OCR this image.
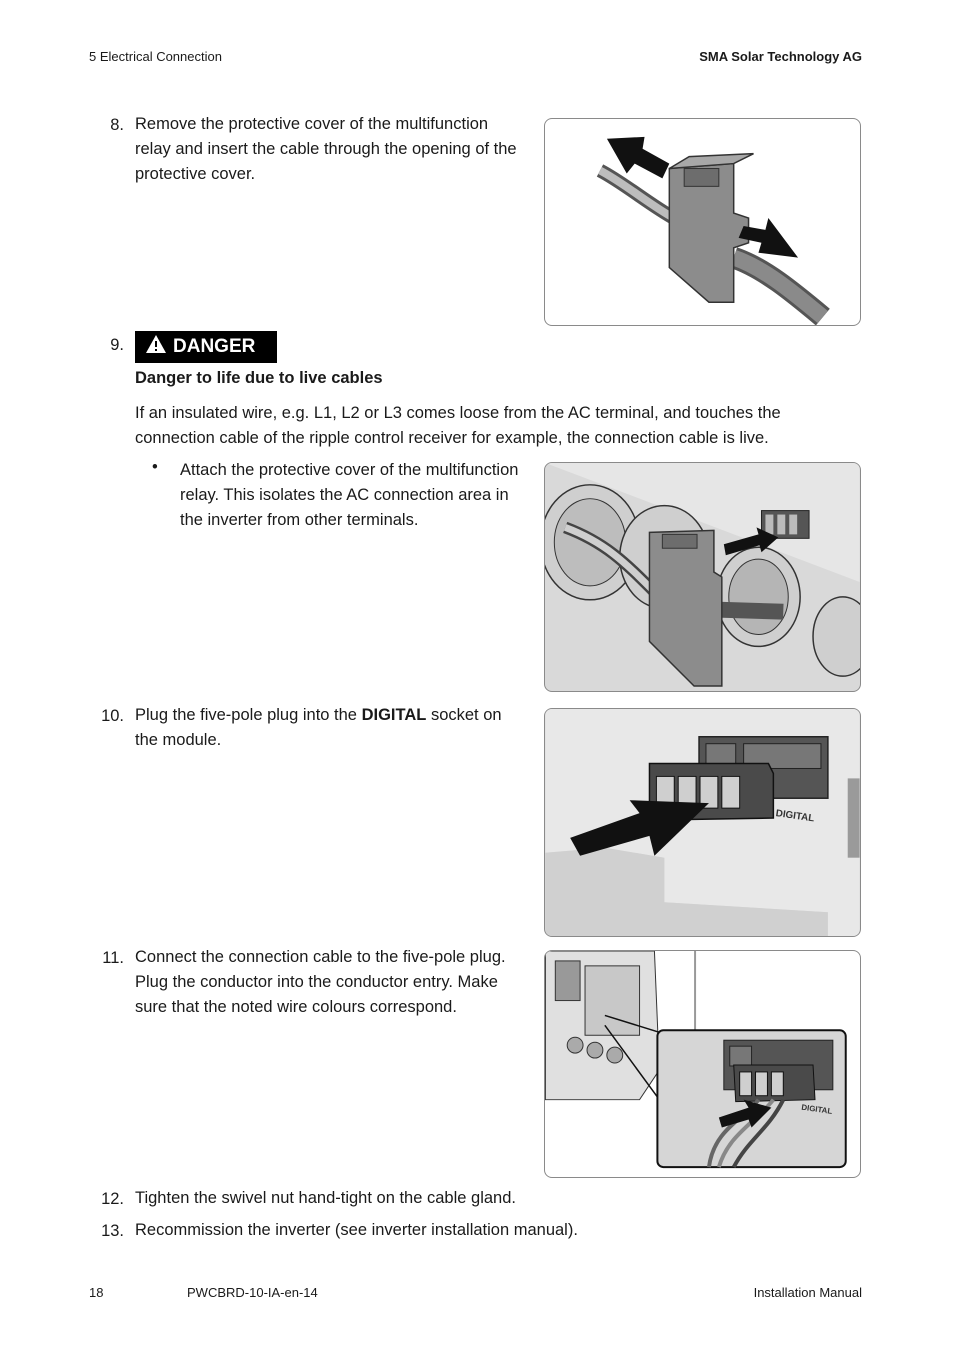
5 Electrical Connection	SMA Solar Technology AG
8. Remove the protective cover of the multifunction relay and insert the cable through the opening of the protective cover.
9.	DANGER
Danger to life due to live cables
If an insulated wire, e.g. L1, L2 or L3 comes loose from the AC terminal, and touches the connection cable of the ripple control receiver for example, the connection cable is live.
• Attach the protective cover of the multifunction relay. This isolates the AC connection area in the inverter from other terminals.
10. Plug the five-pole plug into the DIGITAL socket on the module.
DIGITAL
11. Connect the connection cable to the five-pole plug. Plug the conductor into the conductor entry. Make sure that the noted wire colours correspond.
DIGITAL
12. Tighten the swivel nut hand-tight on the cable gland.
13. Recommission the inverter (see inverter installation manual).
18	PWCBRD-10-IA-en-14	Installation Manual
